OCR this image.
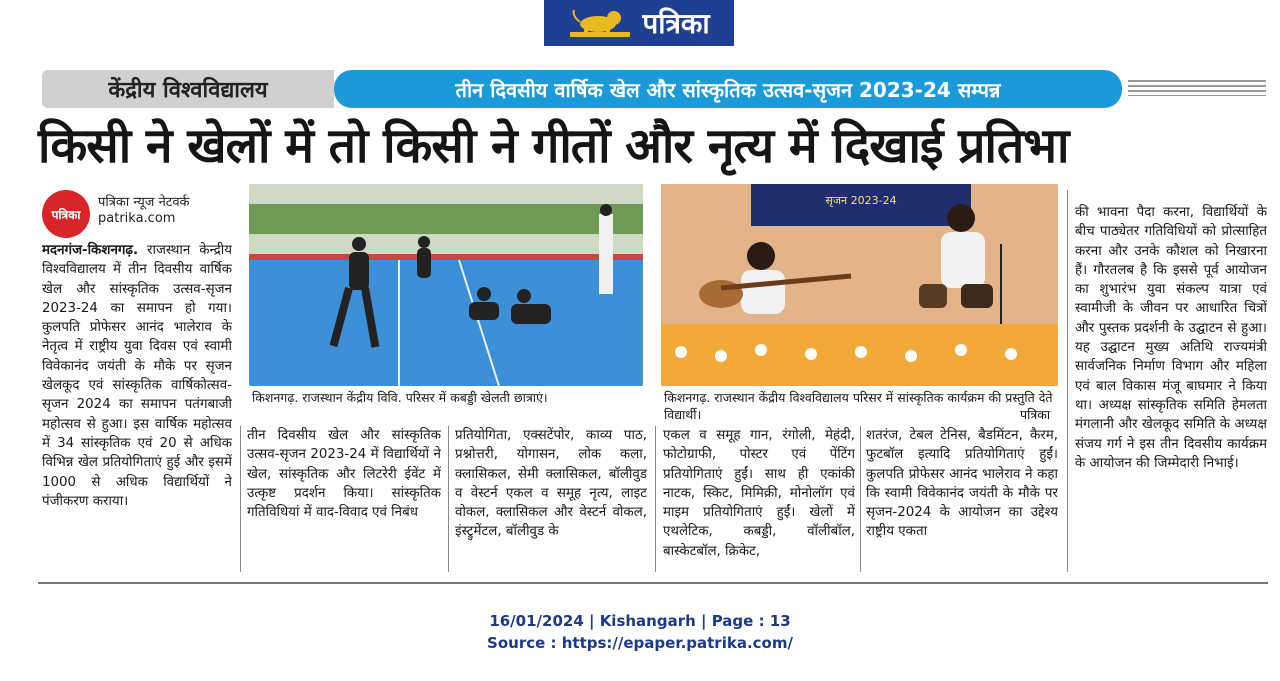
पत्रिका
केंद्रीय विश्वविद्यालय	तीन दिवसीय वार्षिक खेल और सांस्कृतिक उत्सव-सृजन 2023-24 सम्पन्न
किसी ने खेलों में तो किसी ने गीतों और नृत्य में दिखाई प्रतिभा
पत्रिका
पत्रिका न्यूज नेटवर्क
patrika.com
मदनगंज-किशनगढ़. राजस्थान केन्द्रीय विश्वविद्यालय में तीन दिवसीय वार्षिक खेल और सांस्कृतिक उत्सव-सृजन 2023-24 का समापन हो गया। कुलपति प्रोफेसर आनंद भालेराव के नेतृत्व में राष्ट्रीय युवा दिवस एवं स्वामी विवेकानंद जयंती के मौके पर सृजन खेलकूद एवं सांस्कृतिक वार्षिकोत्सव-सृजन 2024 का समापन पतंगबाजी महोत्सव से हुआ। इस वार्षिक महोत्सव में 34 सांस्कृतिक एवं 20 से अधिक विभिन्न खेल प्रतियोगिताएं हुई और इसमें 1000 से अधिक विद्यार्थियों ने पंजीकरण कराया।
किशनगढ़. राजस्थान केंद्रीय विवि. परिसर में कबड्डी खेलती छात्राएं।
सृजन 2023-24
किशनगढ़. राजस्थान केंद्रीय विश्वविद्यालय परिसर में सांस्कृतिक कार्यक्रम की प्रस्तुति देते विद्यार्थी।	पत्रिका
तीन दिवसीय खेल और सांस्कृतिक उत्सव-सृजन 2023-24 में विद्यार्थियों ने खेल, सांस्कृतिक और लिटरेरी ईवेंट में उत्कृष्ट प्रदर्शन किया। सांस्कृतिक गतिविधियां में वाद-विवाद एवं निबंध
प्रतियोगिता, एक्सटेंपोर, काव्य पाठ, प्रश्नोत्तरी, योगासन, लोक कला, क्लासिकल, सेमी क्लासिकल, बॉलीवुड व वेस्टर्न एकल व समूह नृत्य, लाइट वोकल, क्लासिकल और वेस्टर्न वोकल, इंस्ट्रुमेंटल, बॉलीवुड के
एकल व समूह गान, रंगोली, मेहंदी, फोटोग्राफी, पोस्टर एवं पेंटिंग प्रतियोगिताएं हुईं। साथ ही एकांकी नाटक, स्किट, मिमिक्री, मोनोलॉग एवं माइम प्रतियोगिताएं हुईं। खेलों में एथलेटिक, कबड्डी, वॉलीबॉल, बास्केटबॉल, क्रिकेट,
शतरंज, टेबल टेनिस, बैडमिंटन, कैरम, फुटबॉल इत्यादि प्रतियोगिताएं हुईं। कुलपति प्रोफेसर आनंद भालेराव ने कहा कि स्वामी विवेकानंद जयंती के मौके पर सृजन-2024 के आयोजन का उद्देश्य राष्ट्रीय एकता
की भावना पैदा करना, विद्यार्थियों के बीच पाठ्येतर गतिविधियों को प्रोत्साहित करना और उनके कौशल को निखारना हैं। गौरतलब है कि इससे पूर्व आयोजन का शुभारंभ युवा संकल्प यात्रा एवं स्वामीजी के जीवन पर आधारित चित्रों और पुस्तक प्रदर्शनी के उद्घाटन से हुआ। यह उद्घाटन मुख्य अतिथि राज्यमंत्री सार्वजनिक निर्माण विभाग और महिला एवं बाल विकास मंजू बाघमार ने किया था। अध्यक्ष सांस्कृतिक समिति हेमलता मंगलानी और खेलकूद समिति के अध्यक्ष संजय गर्ग ने इस तीन दिवसीय कार्यक्रम के आयोजन की जिम्मेदारी निभाई।
16/01/2024 | Kishangarh | Page : 13
Source : https://epaper.patrika.com/
